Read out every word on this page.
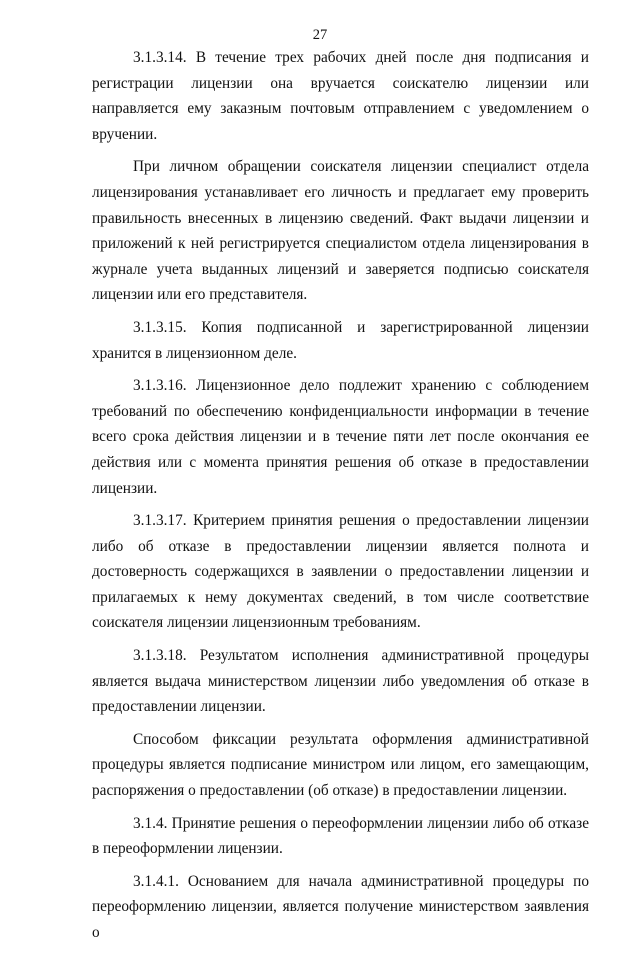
27

3.1.3.14. В течение трех рабочих дней после дня подписания и регистрации лицензии она вручается соискателю лицензии или направляется ему заказным почтовым отправлением с уведомлением о вручении.

При личном обращении соискателя лицензии специалист отдела лицензирования устанавливает его личность и предлагает ему проверить правильность внесенных в лицензию сведений. Факт выдачи лицензии и приложений к ней регистрируется специалистом отдела лицензирования в журнале учета выданных лицензий и заверяется подписью соискателя лицензии или его представителя.

3.1.3.15. Копия подписанной и зарегистрированной лицензии хранится в лицензионном деле.

3.1.3.16. Лицензионное дело подлежит хранению с соблюдением требований по обеспечению конфиденциальности информации в течение всего срока действия лицензии и в течение пяти лет после окончания ее действия или с момента принятия решения об отказе в предоставлении лицензии.

3.1.3.17. Критерием принятия решения о предоставлении лицензии либо об отказе в предоставлении лицензии является полнота и достоверность содержащихся в заявлении о предоставлении лицензии и прилагаемых к нему документах сведений, в том числе соответствие соискателя лицензии лицензионным требованиям.

3.1.3.18. Результатом исполнения административной процедуры является выдача министерством лицензии либо уведомления об отказе в предоставлении лицензии.

Способом фиксации результата оформления административной процедуры является подписание министром или лицом, его замещающим, распоряжения о предоставлении (об отказе) в предоставлении лицензии.

3.1.4. Принятие решения о переоформлении лицензии либо об отказе в переоформлении лицензии.

3.1.4.1. Основанием для начала административной процедуры по переоформлению лицензии, является получение министерством заявления о
